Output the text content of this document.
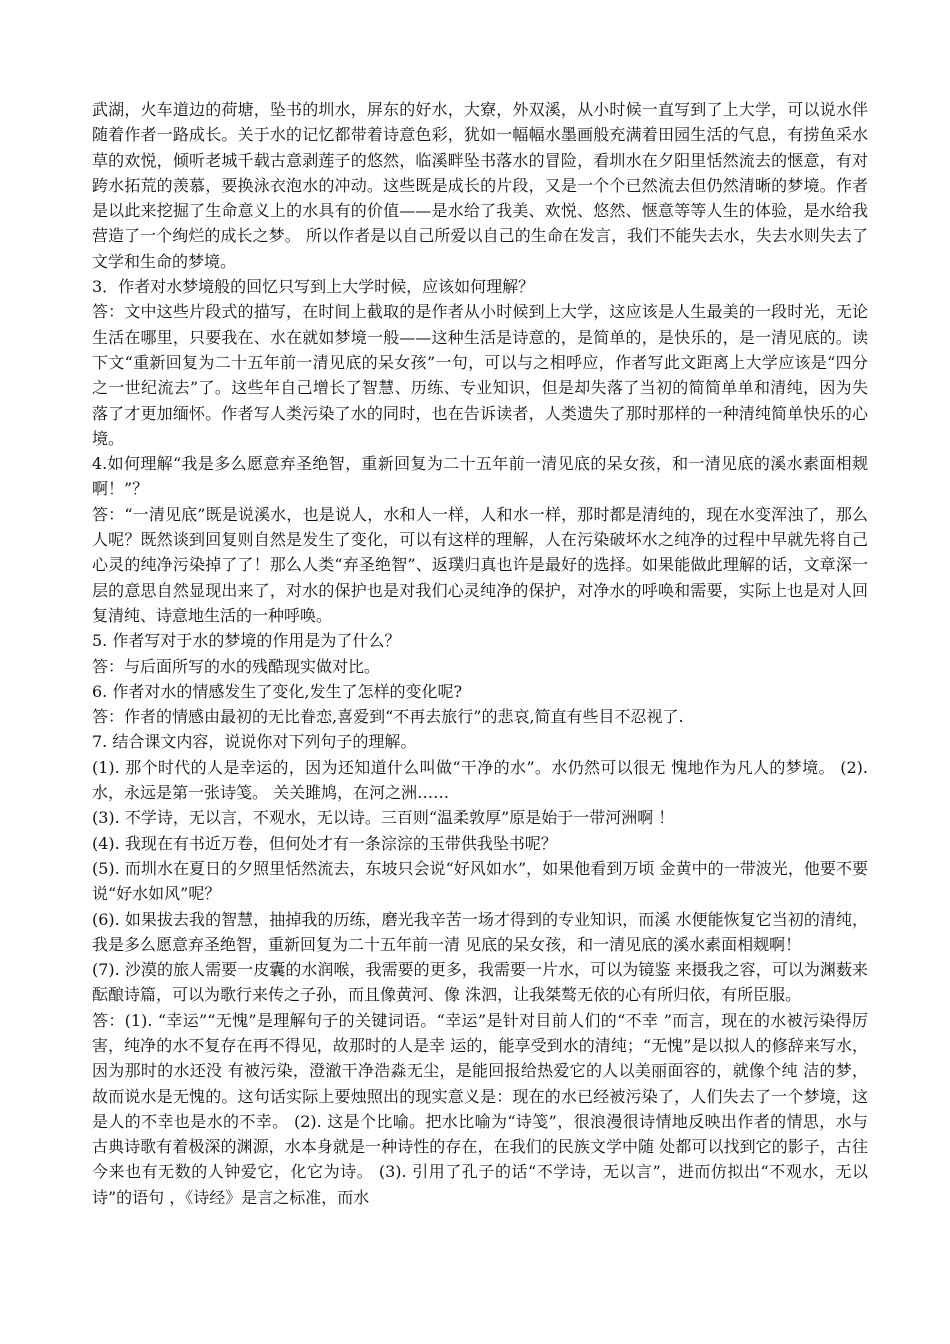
武湖，火车道边的荷塘，坠书的圳水，屏东的好水，大寮，外双溪，从小时候一直写到了上大学，可以说水伴随着作者一路成长。关于水的记忆都带着诗意色彩，犹如一幅幅水墨画般充满着田园生活的气息，有捞鱼采水草的欢悦，倾听老城千载古意剥莲子的悠然，临溪畔坠书落水的冒险，看圳水在夕阳里恬然流去的惬意，有对跨水拓荒的羡慕，要换泳衣泡水的冲动。这些既是成长的片段，又是一个个已然流去但仍然清晰的梦境。作者是以此来挖掘了生命意义上的水具有的价值——是水给了我美、欢悦、悠然、惬意等等人生的体验，是水给我营造了一个绚烂的成长之梦。 所以作者是以自己所爱以自己的生命在发言，我们不能失去水，失去水则失去了文学和生命的梦境。

3．作者对水梦境般的回忆只写到上大学时候，应该如何理解？

答：文中这些片段式的描写，在时间上截取的是作者从小时候到上大学，这应该是人生最美的一段时光，无论生活在哪里，只要我在、水在就如梦境一般——这种生活是诗意的，是简单的，是快乐的，是一清见底的。读下文“重新回复为二十五年前一清见底的呆女孩”一句，可以与之相呼应，作者写此文距离上大学应该是“四分之一世纪流去”了。这些年自己增长了智慧、历练、专业知识，但是却失落了当初的简简单单和清纯，因为失落了才更加缅怀。作者写人类污染了水的同时，也在告诉读者，人类遗失了那时那样的一种清纯简单快乐的心境。

4.如何理解“我是多么愿意弃圣绝智，重新回复为二十五年前一清见底的呆女孩，和一清见底的溪水素面相觌啊！”？

答：“一清见底”既是说溪水，也是说人，水和人一样，人和水一样，那时都是清纯的，现在水变浑浊了，那么人呢？既然谈到回复则自然是发生了变化，可以有这样的理解，人在污染破坏水之纯净的过程中早就先将自己心灵的纯净污染掉了了！那么人类“弃圣绝智”、返璞归真也许是最好的选择。如果能做此理解的话，文章深一层的意思自然显现出来了，对水的保护也是对我们心灵纯净的保护，对净水的呼唤和需要，实际上也是对人回复清纯、诗意地生活的一种呼唤。

5. 作者写对于水的梦境的作用是为了什么？

答：与后面所写的水的残酷现实做对比。

6. 作者对水的情感发生了变化,发生了怎样的变化呢?

答：作者的情感由最初的无比眷恋,喜爱到“不再去旅行”的悲哀,简直有些目不忍视了.

7. 结合课文内容，说说你对下列句子的理解。

(1). 那个时代的人是幸运的，因为还知道什么叫做“干净的水”。水仍然可以很无 愧地作为凡人的梦境。 (2). 水，永远是第一张诗笺。 关关雎鸠，在河之洲……

(3). 不学诗，无以言，不观水，无以诗。三百则“温柔敦厚”原是始于一带河洲啊 ！

(4). 我现在有书近万卷，但何处才有一条淙淙的玉带供我坠书呢？

(5). 而圳水在夏日的夕照里恬然流去，东坡只会说“好风如水”，如果他看到万顷 金黄中的一带波光，他要不要说“好水如风”呢？

(6). 如果拔去我的智慧，抽掉我的历练，磨光我辛苦一场才得到的专业知识，而溪 水便能恢复它当初的清纯，我是多么愿意弃圣绝智，重新回复为二十五年前一清 见底的呆女孩，和一清见底的溪水素面相觌啊！

(7). 沙漠的旅人需要一皮囊的水润喉，我需要的更多，我需要一片水，可以为镜鉴 来摄我之容，可以为渊薮来酝酿诗篇，可以为歌行来传之子孙，而且像黄河、像 洙泗，让我桀骜无依的心有所归依，有所臣服。

答：(1). “幸运”“无愧”是理解句子的关键词语。“幸运”是针对目前人们的“不幸 ”而言，现在的水被污染得厉害，纯净的水不复存在再不得见，故那时的人是幸 运的，能享受到水的清纯；“无愧”是以拟人的修辞来写水，因为那时的水还没 有被污染，澄澈干净浩淼无尘，是能回报给热爱它的人以美丽面容的，就像个纯 洁的梦，故而说水是无愧的。这句话实际上要烛照出的现实意义是：现在的水已经被污染了，人们失去了一个梦境，这是人的不幸也是水的不幸。 (2). 这是个比喻。把水比喻为“诗笺”，很浪漫很诗情地反映出作者的情思，水与 古典诗歌有着极深的渊源，水本身就是一种诗性的存在，在我们的民族文学中随 处都可以找到它的影子，古往今来也有无数的人钟爱它，化它为诗。 (3). 引用了孔子的话“不学诗，无以言”，进而仿拟出“不观水，无以诗”的语句 ，《诗经》是言之标准，而水
